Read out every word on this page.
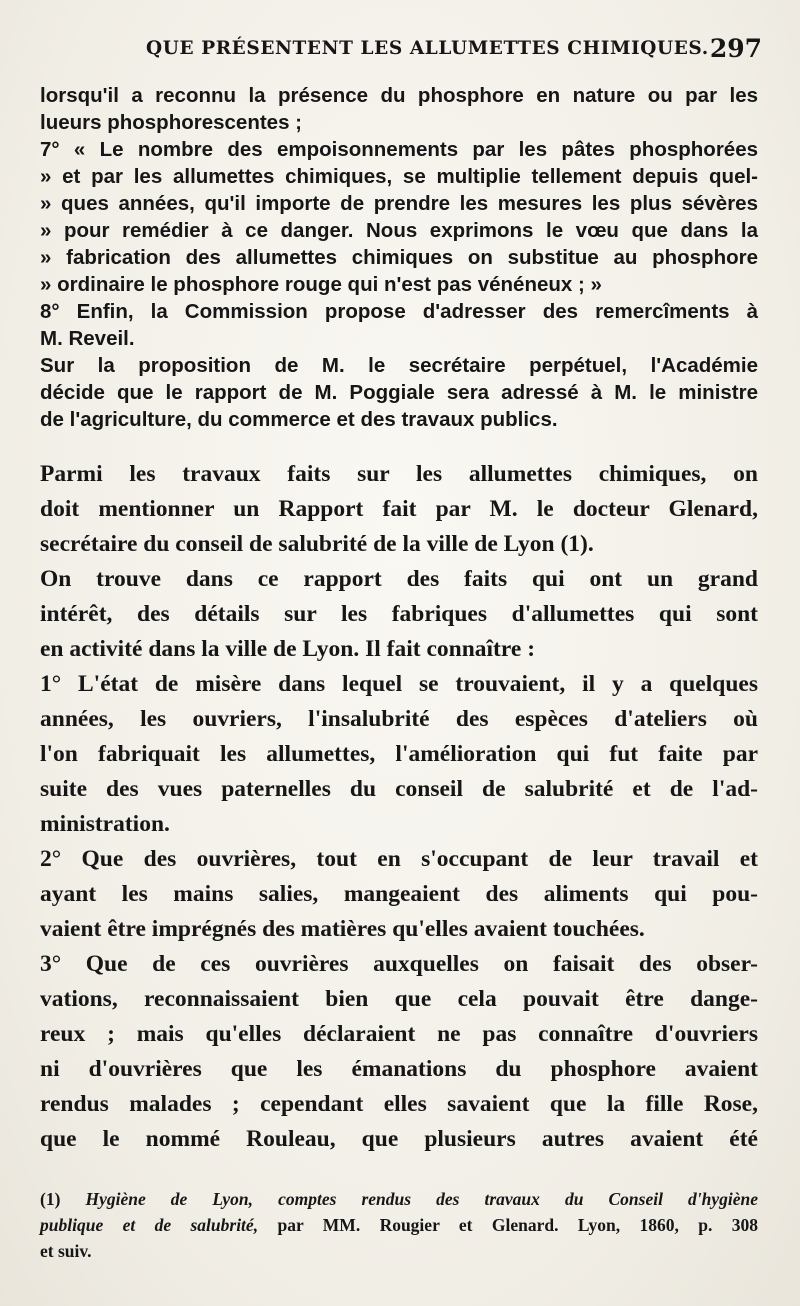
QUE PRÉSENTENT LES ALLUMETTES CHIMIQUES. 297
lorsqu'il a reconnu la présence du phosphore en nature ou par les
lueurs phosphorescentes ;
7° « Le nombre des empoisonnements par les pâtes phosphorées
» et par les allumettes chimiques, se multiplie tellement depuis quel-
» ques années, qu'il importe de prendre les mesures les plus sévères
» pour remédier à ce danger. Nous exprimons le vœu que dans la
» fabrication des allumettes chimiques on substitue au phosphore
» ordinaire le phosphore rouge qui n'est pas vénéneux ; »
8° Enfin, la Commission propose d'adresser des remercîments à
M. Reveil.
Sur la proposition de M. le secrétaire perpétuel, l'Académie
décide que le rapport de M. Poggiale sera adressé à M. le ministre
de l'agriculture, du commerce et des travaux publics.
Parmi les travaux faits sur les allumettes chimiques, on
doit mentionner un Rapport fait par M. le docteur Glenard,
secrétaire du conseil de salubrité de la ville de Lyon (1).
On trouve dans ce rapport des faits qui ont un grand
intérêt, des détails sur les fabriques d'allumettes qui sont
en activité dans la ville de Lyon. Il fait connaître :
1° L'état de misère dans lequel se trouvaient, il y a quelques
années, les ouvriers, l'insalubrité des espèces d'ateliers où
l'on fabriquait les allumettes, l'amélioration qui fut faite par
suite des vues paternelles du conseil de salubrité et de l'ad-
ministration.
2° Que des ouvrières, tout en s'occupant de leur travail et
ayant les mains salies, mangeaient des aliments qui pou-
vaient être imprégnés des matières qu'elles avaient touchées.
3° Que de ces ouvrières auxquelles on faisait des obser-
vations, reconnaissaient bien que cela pouvait être dange-
reux ; mais qu'elles déclaraient ne pas connaître d'ouvriers
ni d'ouvrières que les émanations du phosphore avaient
rendus malades ; cependant elles savaient que la fille Rose,
que le nommé Rouleau, que plusieurs autres avaient été
(1) Hygiène de Lyon, comptes rendus des travaux du Conseil d'hygiène
publique et de salubrité, par MM. Rougier et Glenard. Lyon, 1860, p. 308
et suiv.
